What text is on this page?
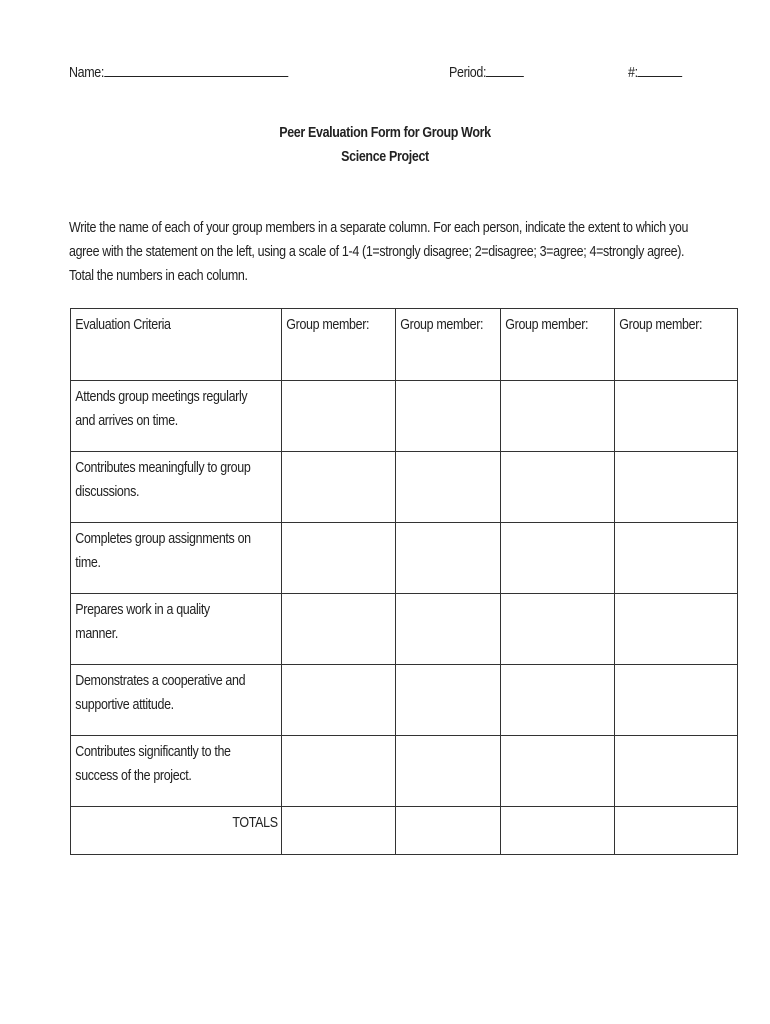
Name:	Period:	#:
Peer Evaluation Form for Group Work
Science Project

Write the name of each of your group members in a separate column. For each person, indicate the extent to which you agree with the statement on the left, using a scale of 1-4 (1=strongly disagree; 2=disagree; 3=agree; 4=strongly agree). Total the numbers in each column.

Evaluation Criteria	Group member:	Group member:	Group member:	Group member:

Attends group meetings regularly and arrives on time.				

Contributes meaningfully to group discussions.				

Completes group assignments on time.				

Prepares work in a quality manner.				

Demonstrates a cooperative and supportive attitude.				

Contributes significantly to the success of the project.				

TOTALS				
